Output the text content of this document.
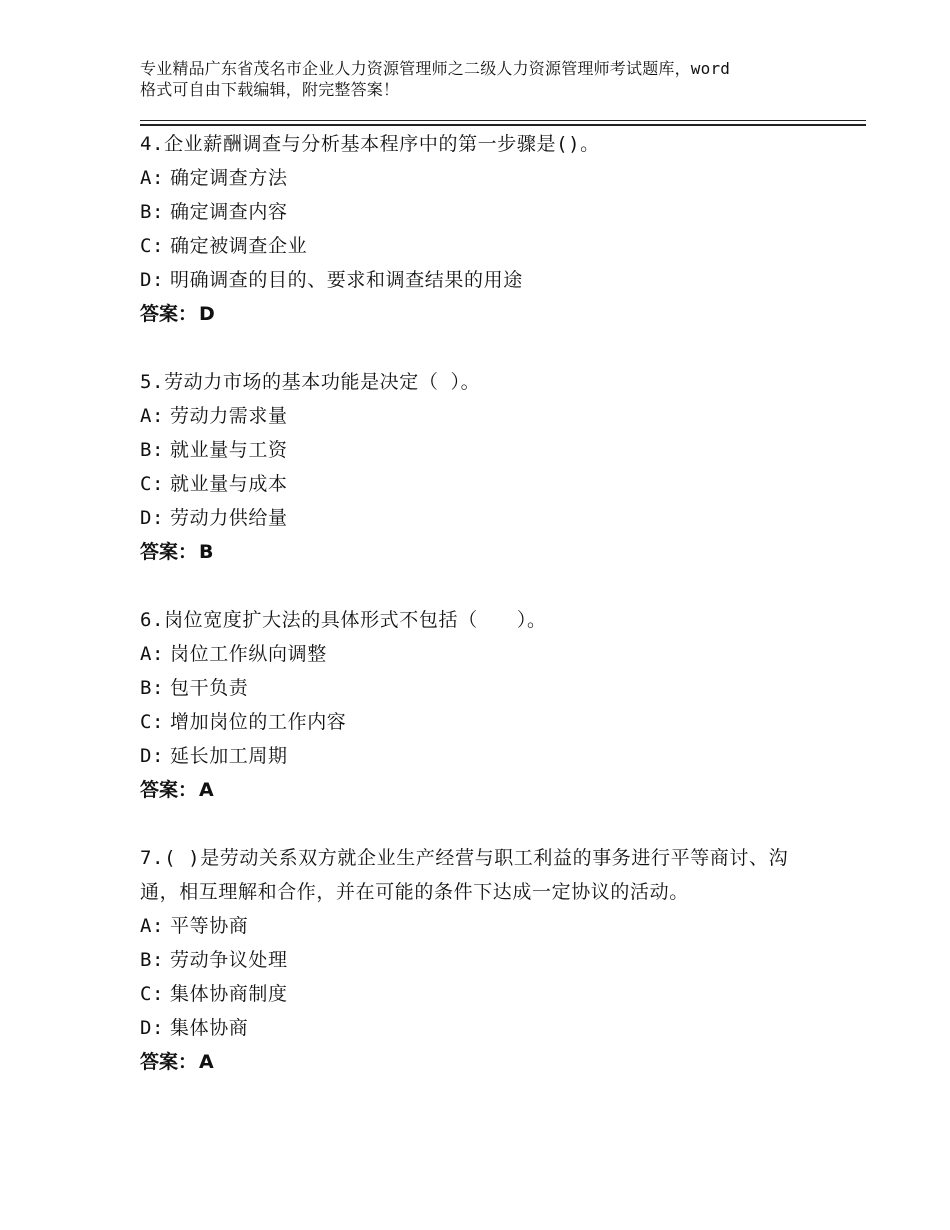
专业精品广东省茂名市企业人力资源管理师之二级人力资源管理师考试题库，word
格式可自由下载编辑，附完整答案！
4.企业薪酬调查与分析基本程序中的第一步骤是()。
A: 确定调查方法
B: 确定调查内容
C: 确定被调查企业
D: 明确调查的目的、要求和调查结果的用途
答案： D
5.劳动力市场的基本功能是决定（ ）。
A: 劳动力需求量
B: 就业量与工资
C: 就业量与成本
D: 劳动力供给量
答案： B
6.岗位宽度扩大法的具体形式不包括（　　）。
A: 岗位工作纵向调整
B: 包干负责
C: 增加岗位的工作内容
D: 延长加工周期
答案： A
7.( )是劳动关系双方就企业生产经营与职工利益的事务进行平等商讨、沟通，相互理解和合作，并在可能的条件下达成一定协议的活动。
A: 平等协商
B: 劳动争议处理
C: 集体协商制度
D: 集体协商
答案： A
